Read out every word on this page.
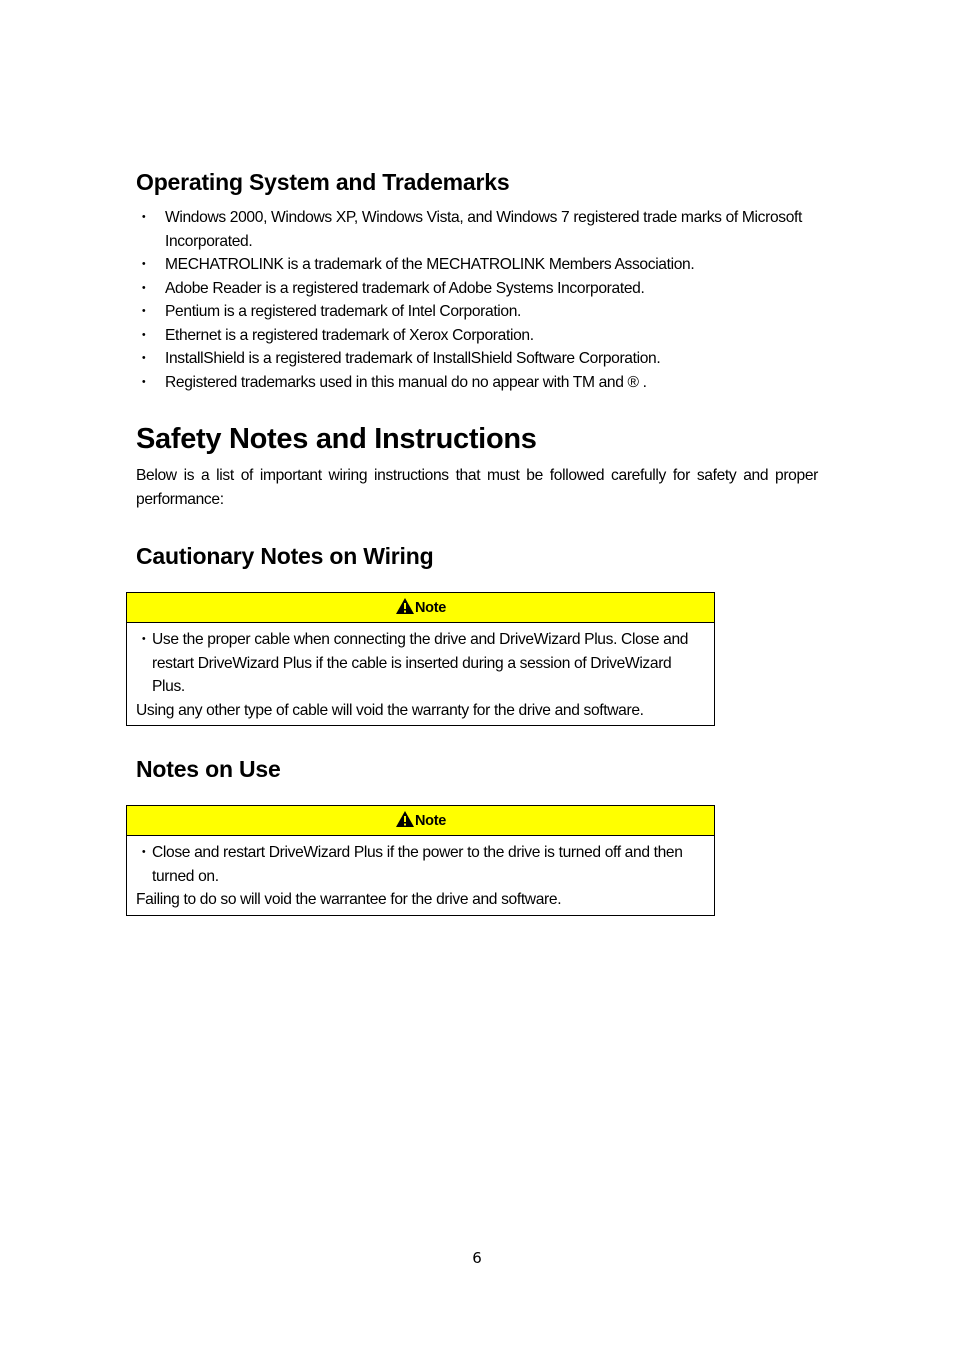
Operating System and Trademarks
・ Windows 2000, Windows XP, Windows Vista, and Windows 7 registered trade marks of Microsoft Incorporated.
・ MECHATROLINK is a trademark of the MECHATROLINK Members Association.
・ Adobe Reader is a registered trademark of Adobe Systems Incorporated.
・ Pentium is a registered trademark of Intel Corporation.
・ Ethernet is a registered trademark of Xerox Corporation.
・ InstallShield is a registered trademark of InstallShield Software Corporation.
・ Registered trademarks used in this manual do no appear with TM and ® .
Safety Notes and Instructions

Below is a list of important wiring instructions that must be followed carefully for safety and proper performance:

Cautionary Notes on Wiring
Note
・ Use the proper cable when connecting the drive and DriveWizard Plus. Close and restart DriveWizard Plus if the cable is inserted during a session of DriveWizard Plus.
Using any other type of cable will void the warranty for the drive and software.
Notes on Use
Note
・ Close and restart DriveWizard Plus if the power to the drive is turned off and then turned on.
Failing to do so will void the warrantee for the drive and software.
6
